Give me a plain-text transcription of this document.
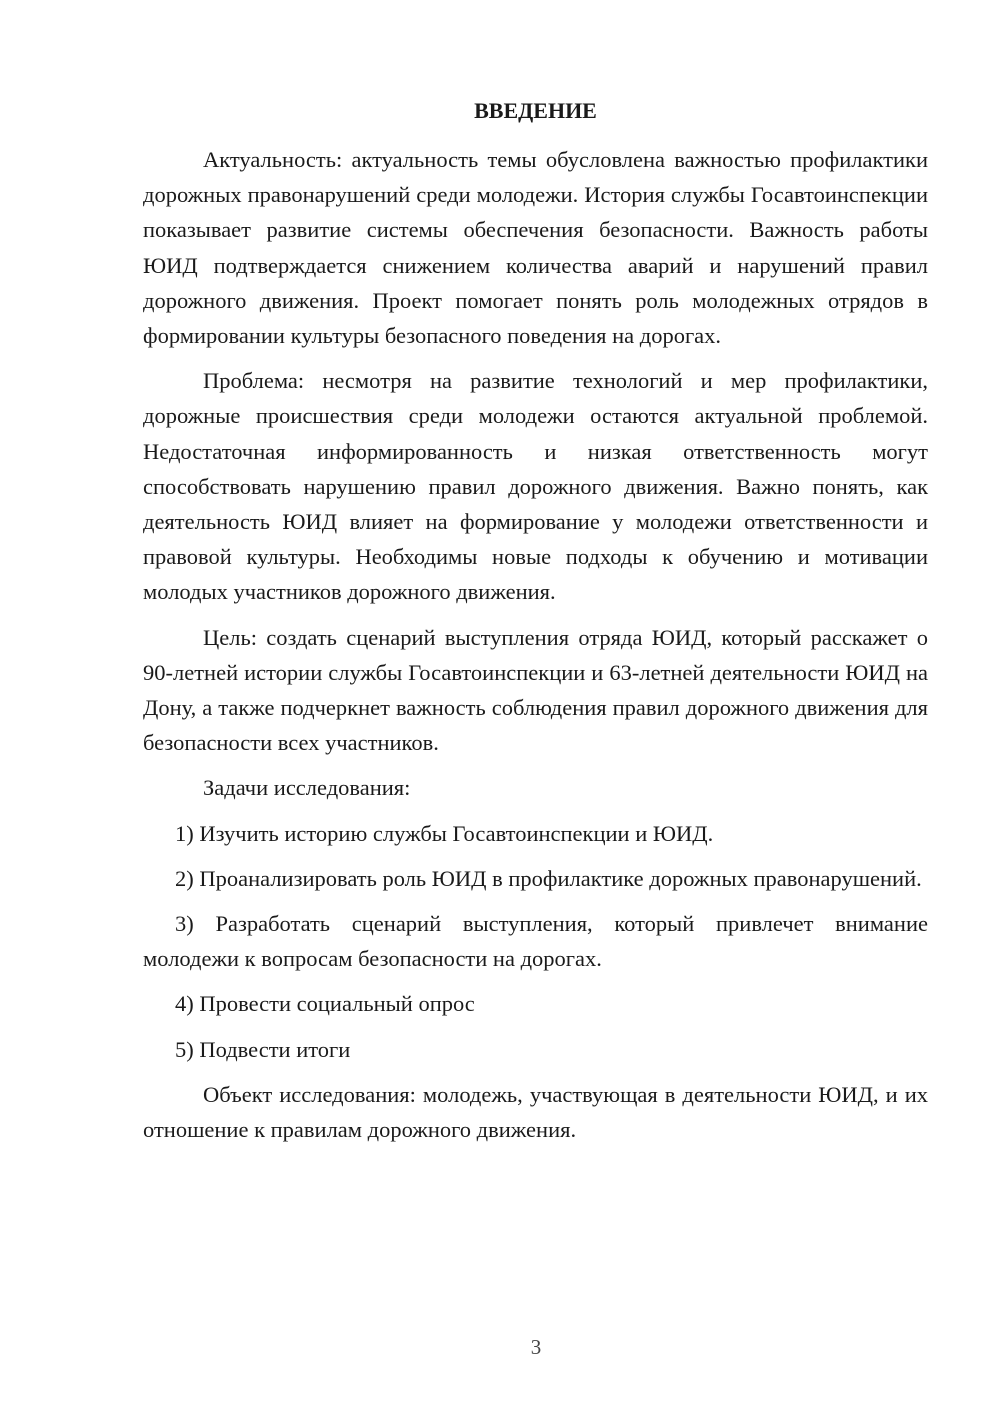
ВВЕДЕНИЕ

Актуальность: актуальность темы обусловлена важностью профилактики дорожных правонарушений среди молодежи. История службы Госавтоинспекции показывает развитие системы обеспечения безопасности. Важность работы ЮИД подтверждается снижением количества аварий и нарушений правил дорожного движения. Проект помогает понять роль молодежных отрядов в формировании культуры безопасного поведения на дорогах.

Проблема: несмотря на развитие технологий и мер профилактики, дорожные происшествия среди молодежи остаются актуальной проблемой. Недостаточная информированность и низкая ответственность могут способствовать нарушению правил дорожного движения. Важно понять, как деятельность ЮИД влияет на формирование у молодежи ответственности и правовой культуры. Необходимы новые подходы к обучению и мотивации молодых участников дорожного движения.

Цель: создать сценарий выступления отряда ЮИД, который расскажет о 90-летней истории службы Госавтоинспекции и 63-летней деятельности ЮИД на Дону, а также подчеркнет важность соблюдения правил дорожного движения для безопасности всех участников.

Задачи исследования:

1) Изучить историю службы Госавтоинспекции и ЮИД.

2) Проанализировать роль ЮИД в профилактике дорожных правонарушений.

3) Разработать сценарий выступления, который привлечет внимание молодежи к вопросам безопасности на дорогах.

4) Провести социальный опрос

5) Подвести итоги

Объект исследования: молодежь, участвующая в деятельности ЮИД, и их отношение к правилам дорожного движения.

3
